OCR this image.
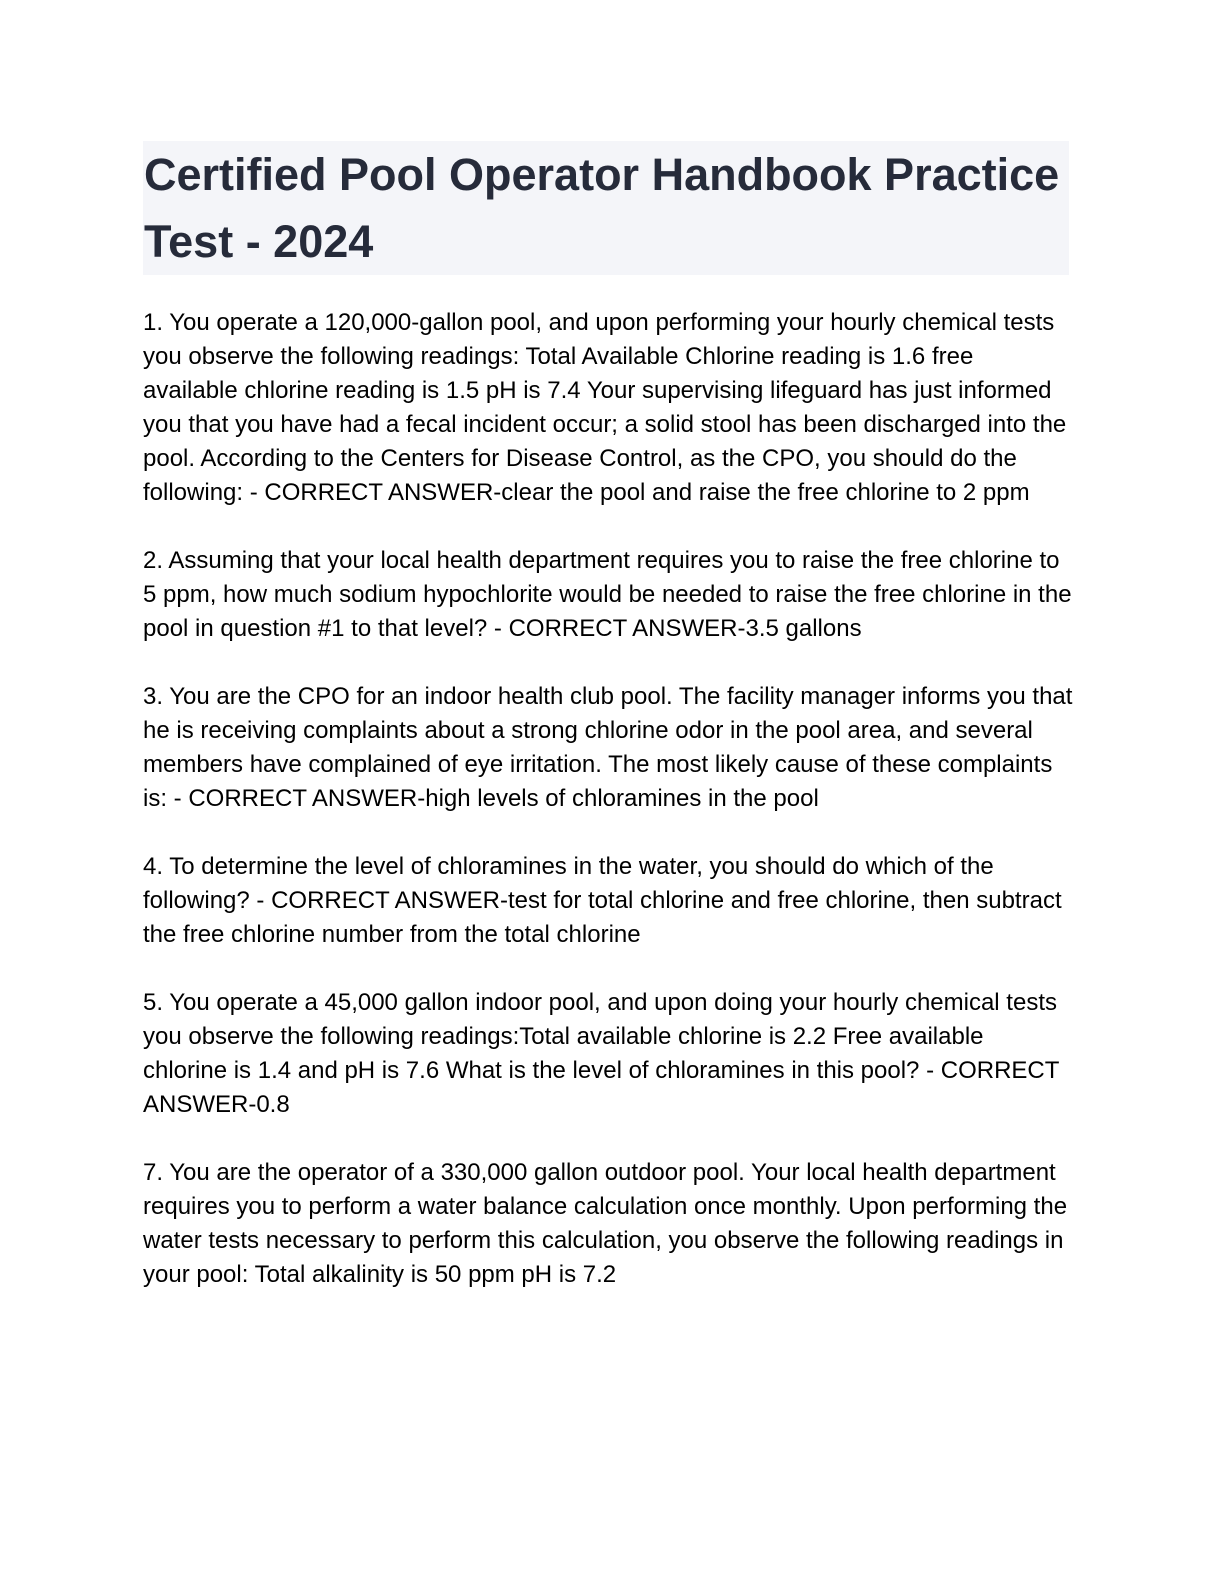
Certified Pool Operator Handbook Practice Test - 2024
1. You operate a 120,000-gallon pool, and upon performing your hourly chemical tests you observe the following readings: Total Available Chlorine reading is 1.6 free available chlorine reading is 1.5 pH is 7.4 Your supervising lifeguard has just informed you that you have had a fecal incident occur; a solid stool has been discharged into the pool. According to the Centers for Disease Control, as the CPO, you should do the following: - CORRECT ANSWER-clear the pool and raise the free chlorine to 2 ppm
2. Assuming that your local health department requires you to raise the free chlorine to 5 ppm, how much sodium hypochlorite would be needed to raise the free chlorine in the pool in question #1 to that level? - CORRECT ANSWER-3.5 gallons
3. You are the CPO for an indoor health club pool. The facility manager informs you that he is receiving complaints about a strong chlorine odor in the pool area, and several members have complained of eye irritation. The most likely cause of these complaints is: - CORRECT ANSWER-high levels of chloramines in the pool
4. To determine the level of chloramines in the water, you should do which of the following? - CORRECT ANSWER-test for total chlorine and free chlorine, then subtract the free chlorine number from the total chlorine
5. You operate a 45,000 gallon indoor pool, and upon doing your hourly chemical tests you observe the following readings:Total available chlorine is 2.2 Free available chlorine is 1.4 and pH is 7.6 What is the level of chloramines in this pool? - CORRECT ANSWER-0.8
7. You are the operator of a 330,000 gallon outdoor pool. Your local health department requires you to perform a water balance calculation once monthly. Upon performing the water tests necessary to perform this calculation, you observe the following readings in your pool: Total alkalinity is 50 ppm pH is 7.2
